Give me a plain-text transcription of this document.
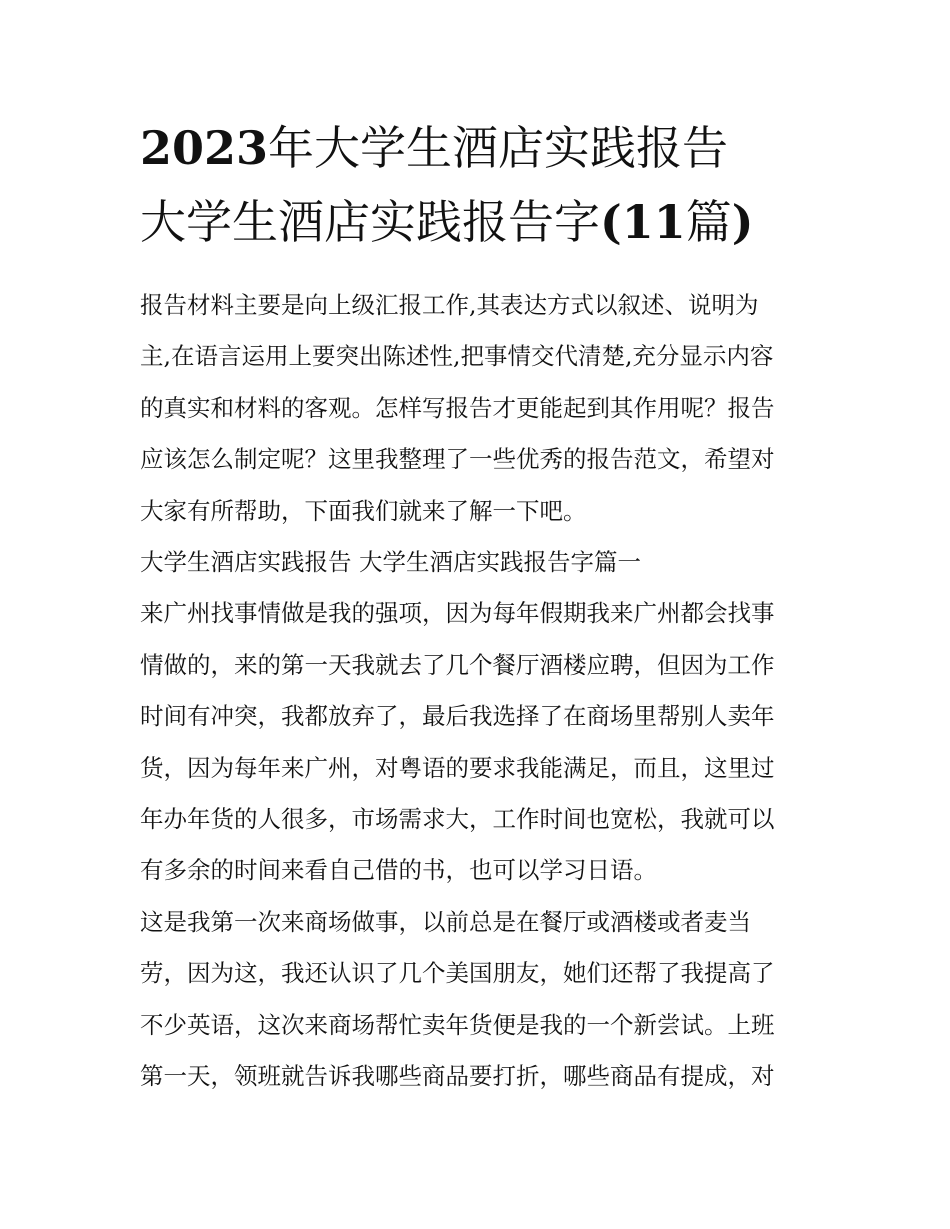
2023年大学生酒店实践报告
大学生酒店实践报告字(11篇)
报告材料主要是向上级汇报工作,其表达方式以叙述、说明为
主,在语言运用上要突出陈述性,把事情交代清楚,充分显示内容
的真实和材料的客观。怎样写报告才更能起到其作用呢？报告
应该怎么制定呢？这里我整理了一些优秀的报告范文，希望对
大家有所帮助，下面我们就来了解一下吧。
大学生酒店实践报告 大学生酒店实践报告字篇一
来广州找事情做是我的强项，因为每年假期我来广州都会找事
情做的，来的第一天我就去了几个餐厅酒楼应聘，但因为工作
时间有冲突，我都放弃了，最后我选择了在商场里帮别人卖年
货，因为每年来广州，对粤语的要求我能满足，而且，这里过
年办年货的人很多，市场需求大，工作时间也宽松，我就可以
有多余的时间来看自己借的书，也可以学习日语。
这是我第一次来商场做事，以前总是在餐厅或酒楼或者麦当
劳，因为这，我还认识了几个美国朋友，她们还帮了我提高了
不少英语，这次来商场帮忙卖年货便是我的一个新尝试。上班
第一天，领班就告诉我哪些商品要打折，哪些商品有提成，对
